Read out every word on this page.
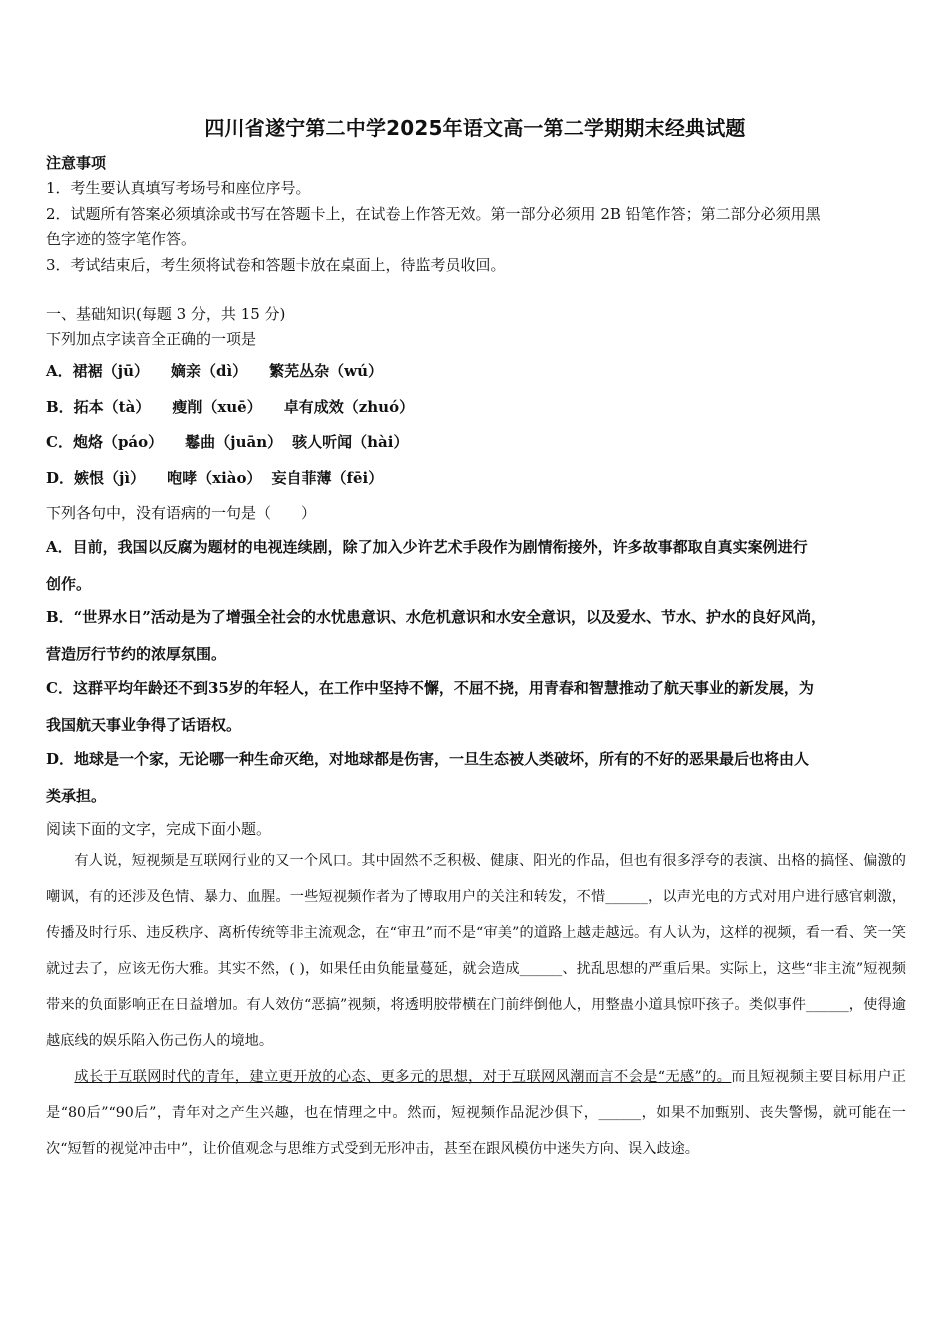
四川省遂宁第二中学2025年语文高一第二学期期末经典试题
注意事项
1．考生要认真填写考场号和座位序号。
2．试题所有答案必须填涂或书写在答题卡上，在试卷上作答无效。第一部分必须用 2B 铅笔作答；第二部分必须用黑
色字迹的签字笔作答。
3．考试结束后，考生须将试卷和答题卡放在桌面上，待监考员收回。
一、基础知识(每题 3 分，共 15 分)
下列加点字读音全正确的一项是
A．裙裾（jū） 嫡亲（dì） 繁芜丛杂（wú）
B．拓本（tà） 瘦削（xuē） 卓有成效（zhuó）
C．炮烙（páo） 鬈曲（juān） 骇人听闻（hài）
D．嫉恨（jì） 咆哮（xiào） 妄自菲薄（fēi）
下列各句中，没有语病的一句是（　　）
A．目前，我国以反腐为题材的电视连续剧，除了加入少许艺术手段作为剧情衔接外，许多故事都取自真实案例进行
创作。
B．“世界水日”活动是为了增强全社会的水忧患意识、水危机意识和水安全意识，以及爱水、节水、护水的良好风尚，
营造厉行节约的浓厚氛围。
C．这群平均年龄还不到35岁的年轻人，在工作中坚持不懈，不屈不挠，用青春和智慧推动了航天事业的新发展，为
我国航天事业争得了话语权。
D．地球是一个家，无论哪一种生命灭绝，对地球都是伤害，一旦生态被人类破坏，所有的不好的恶果最后也将由人
类承担。
阅读下面的文字，完成下面小题。

有人说，短视频是互联网行业的又一个风口。其中固然不乏积极、健康、阳光的作品，但也有很多浮夸的表演、出格的搞怪、偏激的嘲讽，有的还涉及色情、暴力、血腥。一些短视频作者为了博取用户的关注和转发，不惜______，以声光电的方式对用户进行感官刺激，传播及时行乐、违反秩序、离析传统等非主流观念，在“审丑”而不是“审美”的道路上越走越远。有人认为，这样的视频，看一看、笑一笑就过去了，应该无伤大雅。其实不然，( )，如果任由负能量蔓延，就会造成______、扰乱思想的严重后果。实际上，这些“非主流”短视频带来的负面影响正在日益增加。有人效仿“恶搞”视频，将透明胶带横在门前绊倒他人，用整蛊小道具惊吓孩子。类似事件______，使得逾越底线的娱乐陷入伤己伤人的境地。

成长于互联网时代的青年，建立更开放的心态、更多元的思想，对于互联网风潮而言不会是“无感”的。而且短视频主要目标用户正是“80后”“90后”，青年对之产生兴趣，也在情理之中。然而，短视频作品泥沙俱下，______，如果不加甄别、丧失警惕，就可能在一次“短暂的视觉冲击中”，让价值观念与思维方式受到无形冲击，甚至在跟风模仿中迷失方向、误入歧途。
